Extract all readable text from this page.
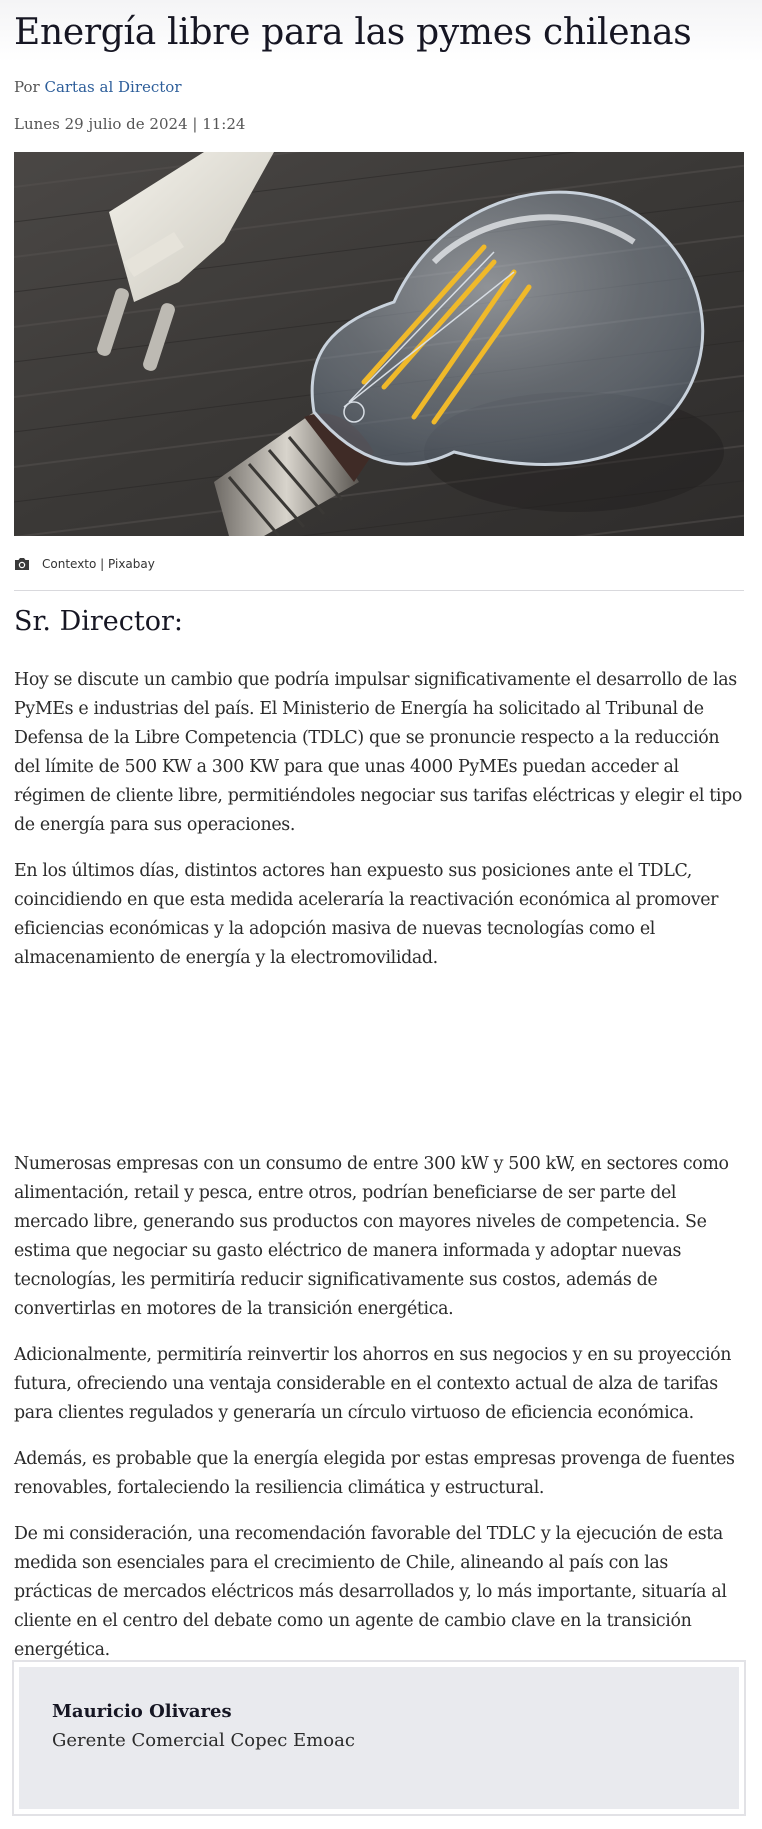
Energía libre para las pymes chilenas
Por Cartas al Director
Lunes 29 julio de 2024 | 11:24
Contexto | Pixabay
Sr. Director:

Hoy se discute un cambio que podría impulsar significativamente el desarrollo de las PyMEs e industrias del país. El Ministerio de Energía ha solicitado al Tribunal de Defensa de la Libre Competencia (TDLC) que se pronuncie respecto a la reducción del límite de 500 KW a 300 KW para que unas 4000 PyMEs puedan acceder al régimen de cliente libre, permitiéndoles negociar sus tarifas eléctricas y elegir el tipo de energía para sus operaciones.

En los últimos días, distintos actores han expuesto sus posiciones ante el TDLC, coincidiendo en que esta medida aceleraría la reactivación económica al promover eficiencias económicas y la adopción masiva de nuevas tecnologías como el almacenamiento de energía y la electromovilidad.

Numerosas empresas con un consumo de entre 300 kW y 500 kW, en sectores como alimentación, retail y pesca, entre otros, podrían beneficiarse de ser parte del mercado libre, generando sus productos con mayores niveles de competencia. Se estima que negociar su gasto eléctrico de manera informada y adoptar nuevas tecnologías, les permitiría reducir significativamente sus costos, además de convertirlas en motores de la transición energética.

Adicionalmente, permitiría reinvertir los ahorros en sus negocios y en su proyección futura, ofreciendo una ventaja considerable en el contexto actual de alza de tarifas para clientes regulados y generaría un círculo virtuoso de eficiencia económica.

Además, es probable que la energía elegida por estas empresas provenga de fuentes renovables, fortaleciendo la resiliencia climática y estructural.

De mi consideración, una recomendación favorable del TDLC y la ejecución de esta medida son esenciales para el crecimiento de Chile, alineando al país con las prácticas de mercados eléctricos más desarrollados y, lo más importante, situaría al cliente en el centro del debate como un agente de cambio clave en la transición energética.

Mauricio Olivares
Gerente Comercial Copec Emoac
